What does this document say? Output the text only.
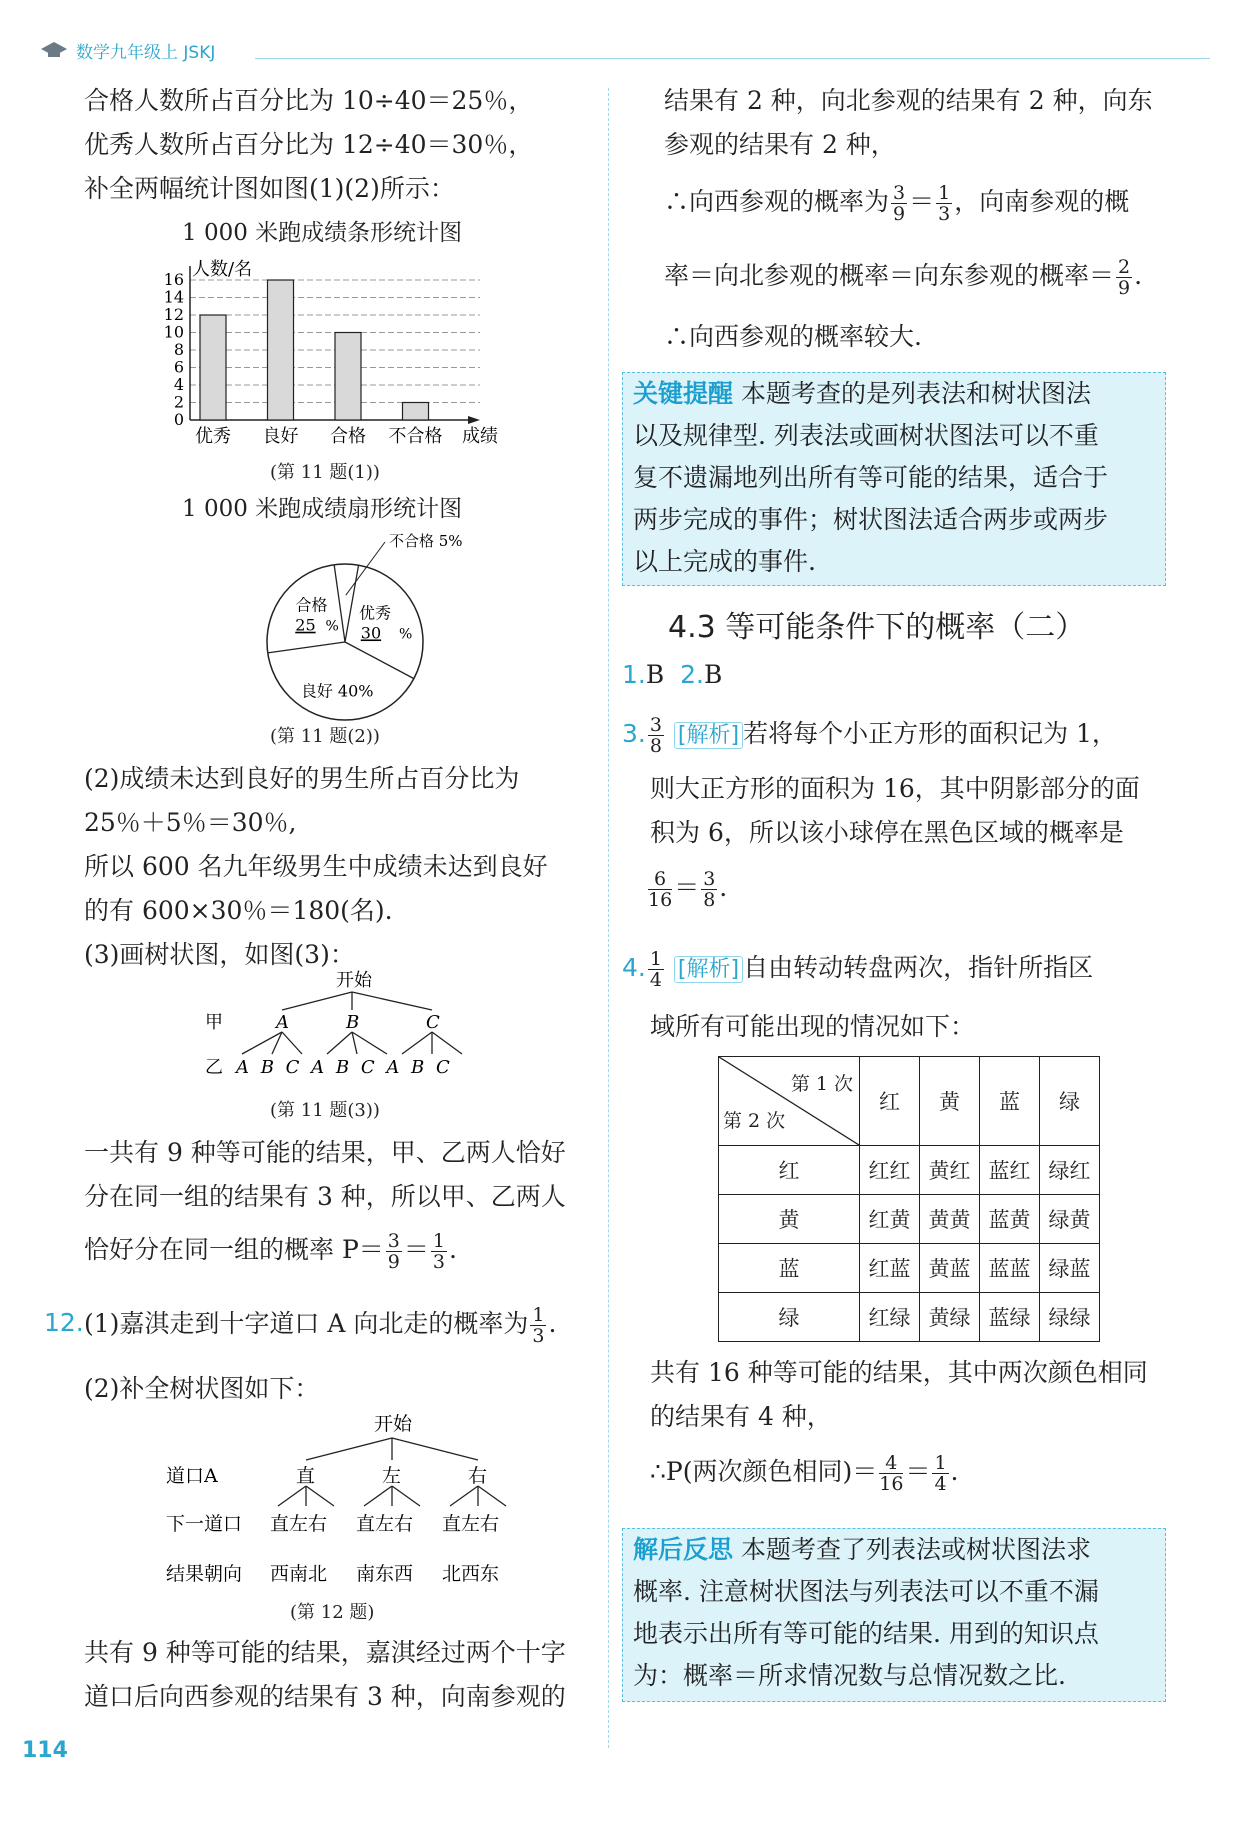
数学九年级上 JSKJ
合格人数所占百分比为 10÷40＝25％，
优秀人数所占百分比为 12÷40＝30％，
补全两幅统计图如图(1)(2)所示：
1 000 米跑成绩条形统计图
人数/名
0
2
4
6
8
10
12
14
16
优秀 良好 合格 不合格 成绩
(第 11 题(1))
1 000 米跑成绩扇形统计图
优秀
30 %
良好 40%
合格
25 %
不合格 5%
(第 11 题(2))
(2)成绩未达到良好的男生所占百分比为
25％＋5％＝30％,
所以 600 名九年级男生中成绩未达到良好
的有 600×30％＝180(名).
(3)画树状图，如图(3)：
开始
甲	A	B	C
乙 A B C A B C A B C
(第 11 题(3))
一共有 9 种等可能的结果，甲、乙两人恰好
分在同一组的结果有 3 种，所以甲、乙两人
恰好分在同一组的概率 $P= \frac{3}{9} = \frac{1}{3}$ .
12. (1)嘉淇走到十字道口 A 向北走的概率为 $\frac{1}{3}$ .
(2)补全树状图如下：
开始
道口A	直	左	右
下一道口 直左右 直左右 直左右
结果朝向 西南北 南东西 北西东
(第 12 题)
共有 9 种等可能的结果，嘉淇经过两个十字
道口后向西参观的结果有 3 种，向南参观的
114
结果有 2 种，向北参观的结果有 2 种，向东
参观的结果有 2 种，
∴向西参观的概率为 $\frac{3}{9} = \frac{1}{3}$ ，向南参观的概
率＝向北参观的概率＝向东参观的概率＝ $\frac{2}{9}$ .
∴向西参观的概率较大.
关键提醒 本题考查的是列表法和树状图法
以及规律型. 列表法或画树状图法可以不重
复不遗漏地列出所有等可能的结果，适合于
两步完成的事件；树状图法适合两步或两步
以上完成的事件.
4.3 等可能条件下的概率（二）
1.B 2.B
3. $\frac{3}{8}$ [解析] 若将每个小正方形的面积记为 1，
则大正方形的面积为 16，其中阴影部分的面
积为 6，所以该小球停在黑色区域的概率是
$\frac{6}{16} = \frac{3}{8}$ .
4. $\frac{1}{4}$ [解析] 自由转动转盘两次，指针所指区
域所有可能出现的情况如下：
第 1 次
第 2 次	红	黄	蓝	绿
红	红红	黄红	蓝红	绿红
黄	红黄	黄黄	蓝黄	绿黄
蓝	红蓝	黄蓝	蓝蓝	绿蓝
绿	红绿	黄绿	蓝绿	绿绿
共有 16 种等可能的结果，其中两次颜色相同
的结果有 4 种，
∴P(两次颜色相同)＝ $\frac{4}{16} = \frac{1}{4}$ .
解后反思 本题考查了列表法或树状图法求
概率. 注意树状图法与列表法可以不重不漏
地表示出所有等可能的结果. 用到的知识点
为：概率＝所求情况数与总情况数之比.
